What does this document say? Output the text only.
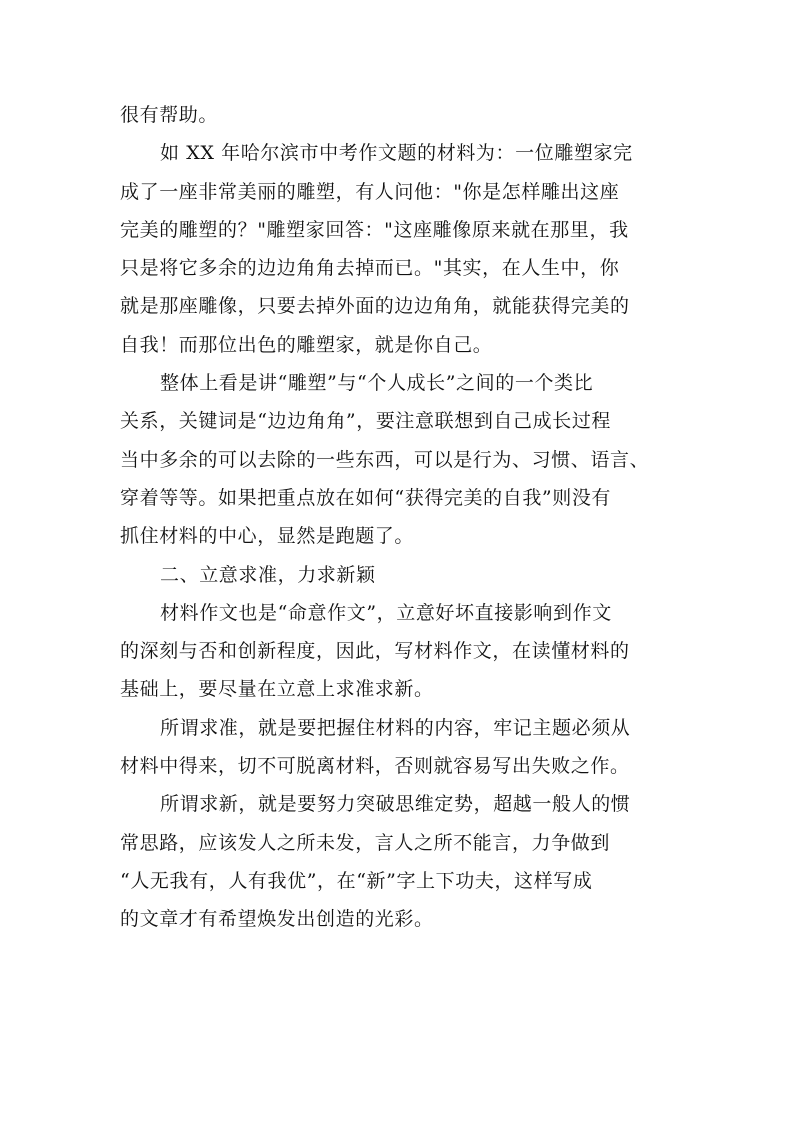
很有帮助。
如 XX 年哈尔滨市中考作文题的材料为：一位雕塑家完
成了一座非常美丽的雕塑，有人问他："你是怎样雕出这座
完美的雕塑的？"雕塑家回答："这座雕像原来就在那里，我
只是将它多余的边边角角去掉而已。"其实，在人生中，你
就是那座雕像，只要去掉外面的边边角角，就能获得完美的
自我！而那位出色的雕塑家，就是你自己。
整体上看是讲“雕塑”与“个人成长”之间的一个类比
关系，关键词是“边边角角”，要注意联想到自己成长过程
当中多余的可以去除的一些东西，可以是行为、习惯、语言、
穿着等等。如果把重点放在如何“获得完美的自我”则没有
抓住材料的中心，显然是跑题了。
二、立意求准，力求新颖
材料作文也是“命意作文”，立意好坏直接影响到作文
的深刻与否和创新程度，因此，写材料作文，在读懂材料的
基础上，要尽量在立意上求准求新。
所谓求准，就是要把握住材料的内容，牢记主题必须从
材料中得来，切不可脱离材料，否则就容易写出失败之作。
所谓求新，就是要努力突破思维定势，超越一般人的惯
常思路，应该发人之所未发，言人之所不能言，力争做到
“人无我有，人有我优”，在“新”字上下功夫，这样写成
的文章才有希望焕发出创造的光彩。
